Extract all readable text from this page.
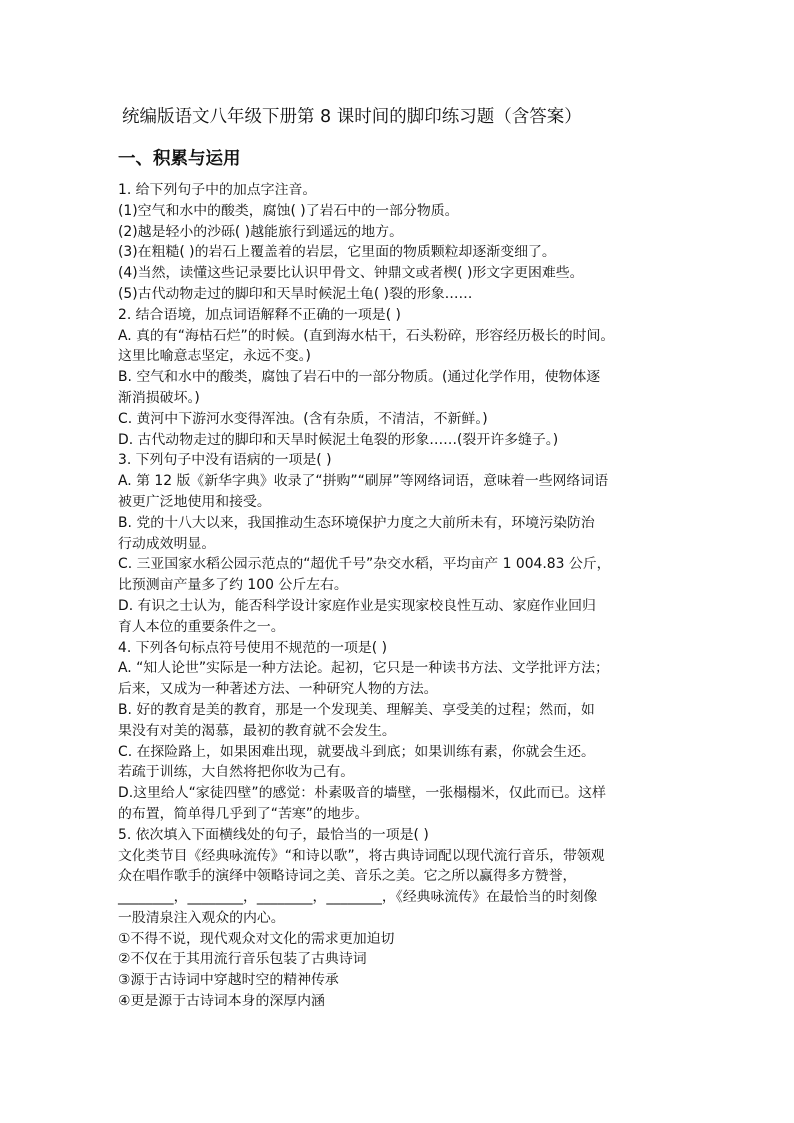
统编版语文八年级下册第 8 课时间的脚印练习题（含答案）
一、积累与运用
1. 给下列句子中的加点字注音。
(1)空气和水中的酸类，腐蚀( )了岩石中的一部分物质。
(2)越是轻小的沙砾( )越能旅行到遥远的地方。
(3)在粗糙( )的岩石上覆盖着的岩层，它里面的物质颗粒却逐渐变细了。
(4)当然，读懂这些记录要比认识甲骨文、钟鼎文或者楔( )形文字更困难些。
(5)古代动物走过的脚印和天旱时候泥土龟( )裂的形象……
2. 结合语境，加点词语解释不正确的一项是( )
A. 真的有“海枯石烂”的时候。(直到海水枯干，石头粉碎，形容经历极长的时间。
这里比喻意志坚定，永远不变。)
B. 空气和水中的酸类，腐蚀了岩石中的一部分物质。(通过化学作用，使物体逐
渐消损破坏。)
C. 黄河中下游河水变得浑浊。(含有杂质，不清洁，不新鲜。)
D. 古代动物走过的脚印和天旱时候泥土龟裂的形象……(裂开许多缝子。)
3. 下列句子中没有语病的一项是( )
A. 第 12 版《新华字典》收录了“拼购”“刷屏”等网络词语，意味着一些网络词语
被更广泛地使用和接受。
B. 党的十八大以来，我国推动生态环境保护力度之大前所未有，环境污染防治
行动成效明显。
C. 三亚国家水稻公园示范点的“超优千号”杂交水稻，平均亩产 1 004.83 公斤，
比预测亩产量多了约 100 公斤左右。
D. 有识之士认为，能否科学设计家庭作业是实现家校良性互动、家庭作业回归
育人本位的重要条件之一。
4. 下列各句标点符号使用不规范的一项是( )
A. “知人论世”实际是一种方法论。起初，它只是一种读书方法、文学批评方法；
后来，又成为一种著述方法、一种研究人物的方法。
B. 好的教育是美的教育，那是一个发现美、理解美、享受美的过程；然而，如
果没有对美的渴慕，最初的教育就不会发生。
C. 在探险路上，如果困难出现，就要战斗到底；如果训练有素，你就会生还。
若疏于训练，大自然将把你收为己有。
D.这里给人“家徒四壁”的感觉：朴素吸音的墙壁，一张榻榻米，仅此而已。这样
的布置，简单得几乎到了“苦寒”的地步。
5. 依次填入下面横线处的句子，最恰当的一项是( )
文化类节目《经典咏流传》“和诗以歌”，将古典诗词配以现代流行音乐，带领观
众在唱作歌手的演绎中领略诗词之美、音乐之美。它之所以赢得多方赞誉，
________，________，________，________，《经典咏流传》在最恰当的时刻像
一股清泉注入观众的内心。
①不得不说，现代观众对文化的需求更加迫切
②不仅在于其用流行音乐包装了古典诗词
③源于古诗词中穿越时空的精神传承
④更是源于古诗词本身的深厚内涵
